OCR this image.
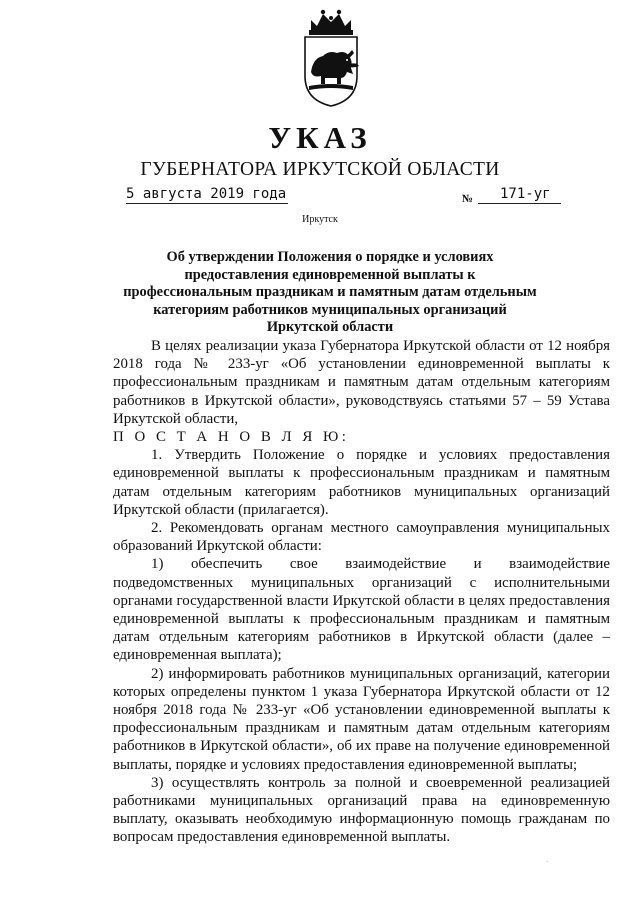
УКАЗ
ГУБЕРНАТОРА ИРКУТСКОЙ ОБЛАСТИ
5 августа 2019 года	№	171-уг
Иркутск
Об утверждении Положения о порядке и условиях предоставления единовременной выплаты к профессиональным праздникам и памятным датам отдельным категориям работников муниципальных организаций Иркутской области

В целях реализации указа Губернатора Иркутской области от 12 ноября 2018 года № 233-уг «Об установлении единовременной выплаты к профессиональным праздникам и памятным датам отдельным категориям работников в Иркутской области», руководствуясь статьями 57 – 59 Устава Иркутской области,

П О С Т А Н О В Л Я Ю:

1. Утвердить Положение о порядке и условиях предоставления единовременной выплаты к профессиональным праздникам и памятным датам отдельным категориям работников муниципальных организаций Иркутской области (прилагается).

2. Рекомендовать органам местного самоуправления муниципальных образований Иркутской области:

1) обеспечить свое взаимодействие и взаимодействие подведомственных муниципальных организаций с исполнительными органами государственной власти Иркутской области в целях предоставления единовременной выплаты к профессиональным праздникам и памятным датам отдельным категориям работников в Иркутской области (далее – единовременная выплата);

2) информировать работников муниципальных организаций, категории которых определены пунктом 1 указа Губернатора Иркутской области от 12 ноября 2018 года № 233-уг «Об установлении единовременной выплаты к профессиональным праздникам и памятным датам отдельным категориям работников в Иркутской области», об их праве на получение единовременной выплаты, порядке и условиях предоставления единовременной выплаты;

3) осуществлять контроль за полной и своевременной реализацией работниками муниципальных организаций права на единовременную выплату, оказывать необходимую информационную помощь гражданам по вопросам предоставления единовременной выплаты.

·
